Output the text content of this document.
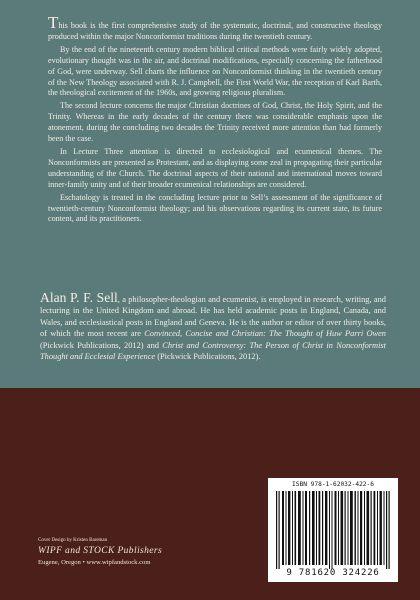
This book is the first comprehensive study of the systematic, doctrinal, and constructive theology produced within the major Nonconformist traditions during the twentieth century.

By the end of the nineteenth century modern biblical critical methods were fairly widely adopted, evolutionary thought was in the air, and doctrinal modifications, especially concerning the fatherhood of God, were underway. Sell charts the influence on Nonconformist thinking in the twentieth century of the New Theology associated with R. J. Campbell, the First World War, the reception of Karl Barth, the theological excitement of the 1960s, and growing religious pluralism.

The second lecture concerns the major Christian doctrines of God, Christ, the Holy Spirit, and the Trinity. Whereas in the early decades of the century there was considerable emphasis upon the atonement, during the concluding two decades the Trinity received more attention than had formerly been the case.

In Lecture Three attention is directed to ecclesiological and ecumenical themes. The Nonconformists are presented as Protestant, and as displaying some zeal in propagating their particular understanding of the Church. The doctrinal aspects of their national and international moves toward inner-family unity and of their broader ecumenical relationships are considered.

Eschatology is treated in the concluding lecture prior to Sell’s assessment of the significance of twentieth-century Nonconformist theology; and his observations regarding its current state, its future content, and its practitioners.

Alan P. F. Sell, a philosopher-theologian and ecumenist, is employed in research, writing, and lecturing in the United Kingdom and abroad. He has held academic posts in England, Canada, and Wales, and ecclesiastical posts in England and Geneva. He is the author or editor of over thirty books, of which the most recent are Convinced, Concise and Christian: The Thought of Huw Parri Owen (Pickwick Publications, 2012) and Christ and Controversy: The Person of Christ in Nonconformist Thought and Ecclesial Experience (Pickwick Publications, 2012).
Cover Design by Kristen Bareman
WIPF and STOCK Publishers
Eugene, Oregon • www.wipfandstock.com
ISBN 978-1-62032-422-6
9 781620 324226
